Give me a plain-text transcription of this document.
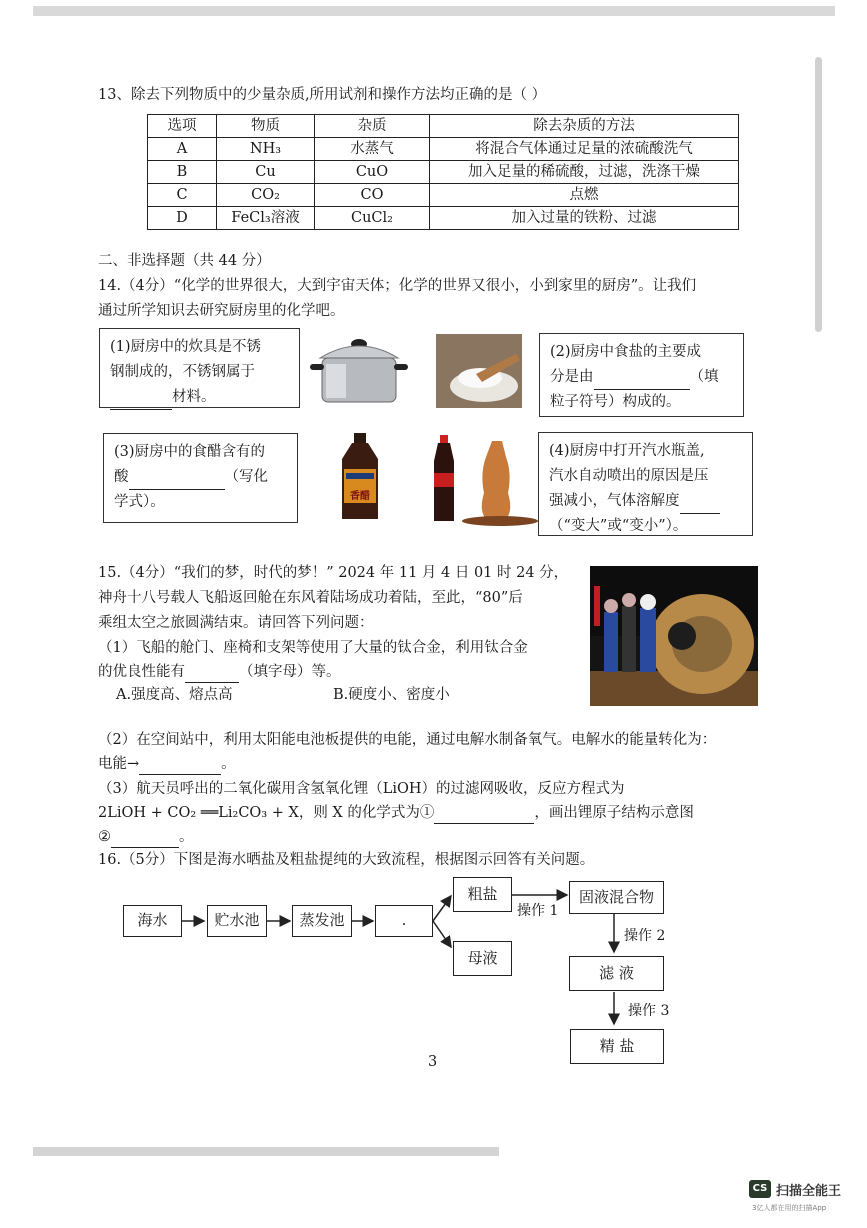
13、除去下列物质中的少量杂质,所用试剂和操作方法均正确的是（ ）
选项	物质	杂质	除去杂质的方法
A	NH₃	水蒸气	将混合气体通过足量的浓硫酸洗气
B	Cu	CuO	加入足量的稀硫酸，过滤，洗涤干燥
C	CO₂	CO	点燃
D	FeCl₃溶液	CuCl₂	加入过量的铁粉、过滤
二、非选择题（共 44 分）
14.（4分）“化学的世界很大，大到宇宙天体；化学的世界又很小，小到家里的厨房”。让我们
通过所学知识去研究厨房里的化学吧。
(1)厨房中的炊具是不锈
钢制成的，不锈钢属于
材料。
(2)厨房中食盐的主要成
分是由	（填
粒子符号）构成的。
(3)厨房中的食醋含有的
酸	（写化
学式）。	香醋
(4)厨房中打开汽水瓶盖,
汽水自动喷出的原因是压
强减小，气体溶解度
（“变大”或“变小”）。
15.（4分）“我们的梦，时代的梦！” 2024 年 11 月 4 日 01 时 24 分，
神舟十八号载人飞船返回舱在东风着陆场成功着陆，至此，“80”后
乘组太空之旅圆满结束。请回答下列问题：
（1）飞船的舱门、座椅和支架等使用了大量的钛合金，利用钛合金
的优良性能有	（填字母）等。
A.强度高、熔点高	B.硬度小、密度小
（2）在空间站中，利用太阳能电池板提供的电能，通过电解水制备氧气。电解水的能量转化为：
电能→	。
（3）航天员呼出的二氧化碳用含氢氧化锂（LiOH）的过滤网吸收，反应方程式为
2LiOH + CO₂ ══Li₂CO₃ + X，则 X 的化学式为①	，画出锂原子结构示意图
②	。
16.（5分）下图是海水晒盐及粗盐提纯的大致流程，根据图示回答有关问题。
海水	贮水池	蒸发池	.
粗盐
母液
固液混合物
滤 液
精 盐
操作 1
操作 2
操作 3
3
CS 扫描全能王
3亿人都在用的扫描App
